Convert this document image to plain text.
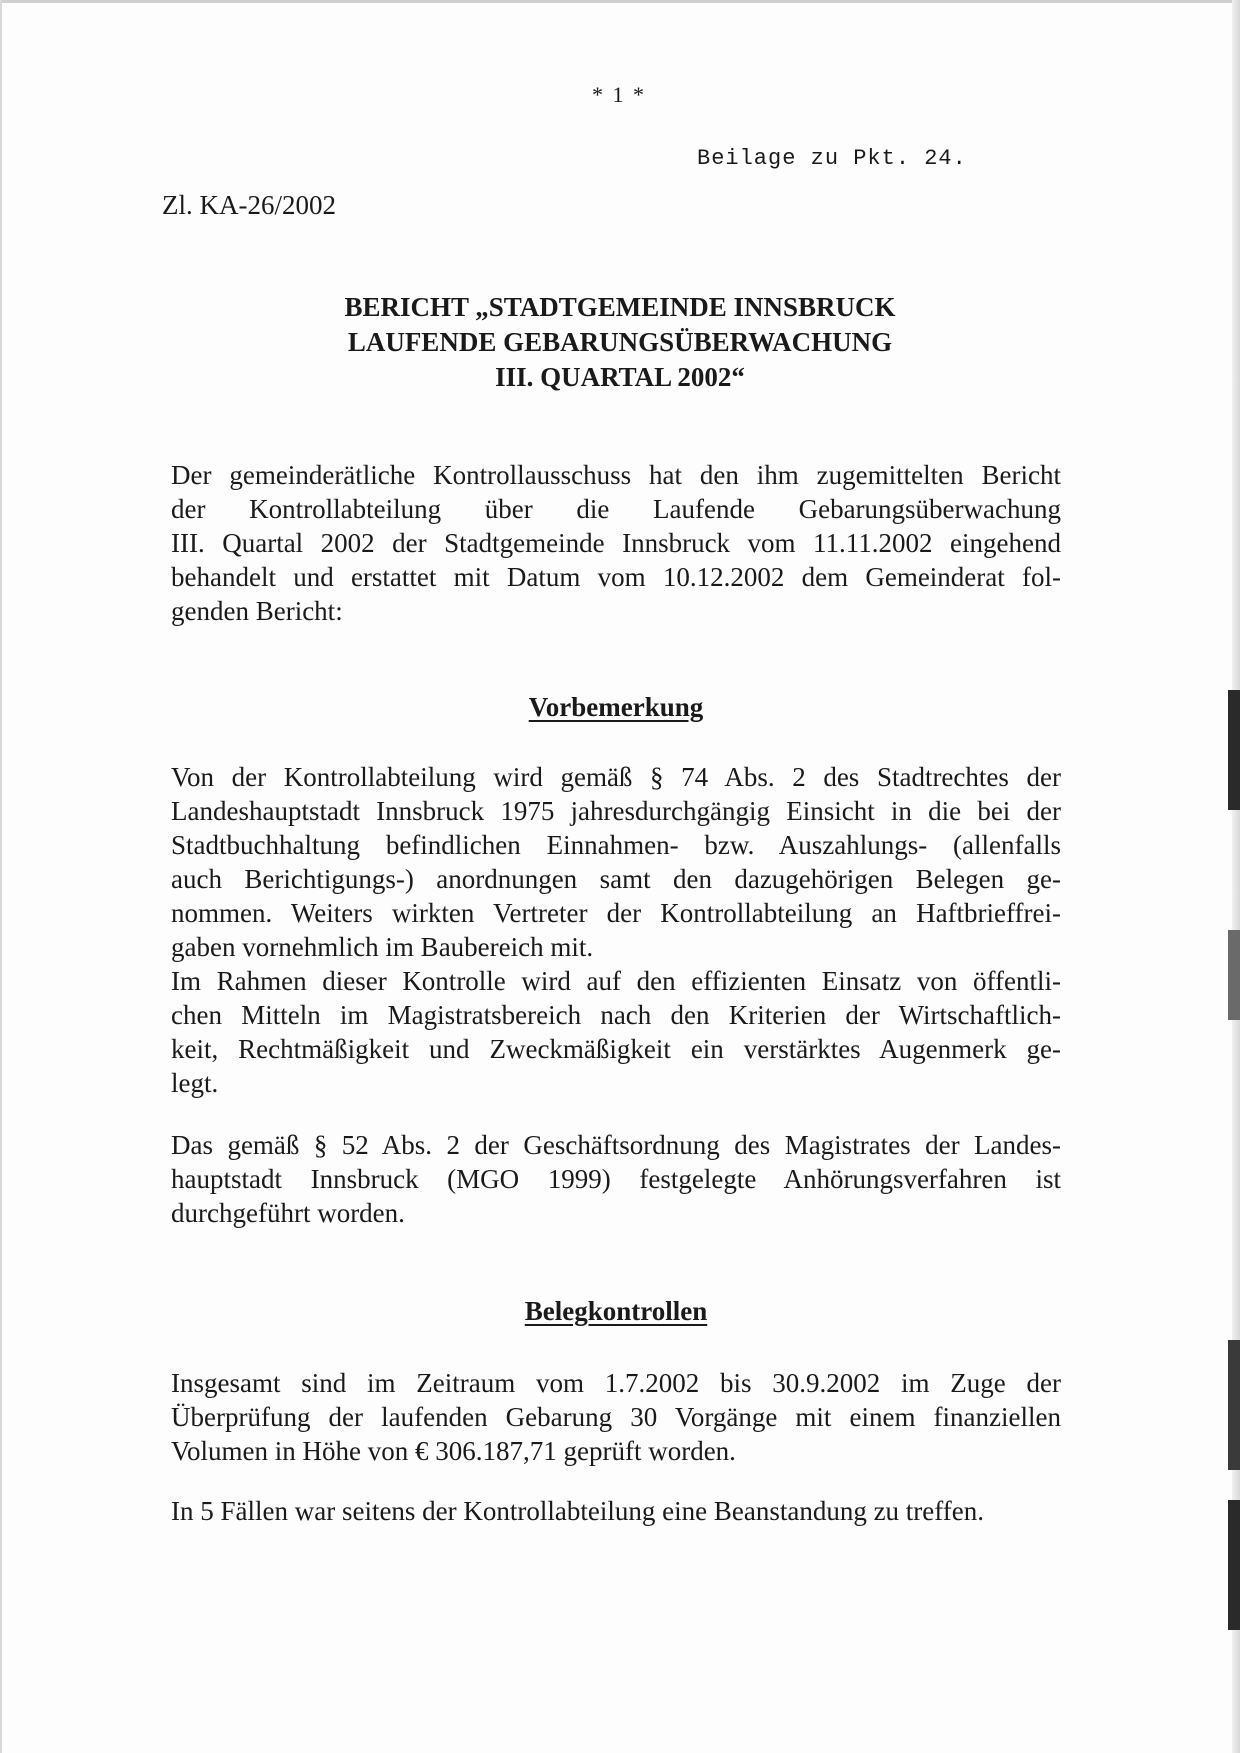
* 1 *
Beilage zu Pkt. 24.
Zl. KA-26/2002
BERICHT „STADTGEMEINDE INNSBRUCK
LAUFENDE GEBARUNGSÜBERWACHUNG
III. QUARTAL 2002“
Der gemeinderätliche Kontrollausschuss hat den ihm zugemittelten Bericht
der Kontrollabteilung über die Laufende Gebarungsüberwachung
III. Quartal 2002 der Stadtgemeinde Innsbruck vom 11.11.2002 eingehend
behandelt und erstattet mit Datum vom 10.12.2002 dem Gemeinderat fol-
genden Bericht:
Vorbemerkung
Von der Kontrollabteilung wird gemäß § 74 Abs. 2 des Stadtrechtes der
Landeshauptstadt Innsbruck 1975 jahresdurchgängig Einsicht in die bei der
Stadtbuchhaltung befindlichen Einnahmen- bzw. Auszahlungs- (allenfalls
auch Berichtigungs-) anordnungen samt den dazugehörigen Belegen ge-
nommen. Weiters wirkten Vertreter der Kontrollabteilung an Haftbrieffrei-
gaben vornehmlich im Baubereich mit.
Im Rahmen dieser Kontrolle wird auf den effizienten Einsatz von öffentli-
chen Mitteln im Magistratsbereich nach den Kriterien der Wirtschaftlich-
keit, Rechtmäßigkeit und Zweckmäßigkeit ein verstärktes Augenmerk ge-
legt.
Das gemäß § 52 Abs. 2 der Geschäftsordnung des Magistrates der Landes-
hauptstadt Innsbruck (MGO 1999) festgelegte Anhörungsverfahren ist
durchgeführt worden.
Belegkontrollen
Insgesamt sind im Zeitraum vom 1.7.2002 bis 30.9.2002 im Zuge der
Überprüfung der laufenden Gebarung 30 Vorgänge mit einem finanziellen
Volumen in Höhe von € 306.187,71 geprüft worden.
In 5 Fällen war seitens der Kontrollabteilung eine Beanstandung zu treffen.
